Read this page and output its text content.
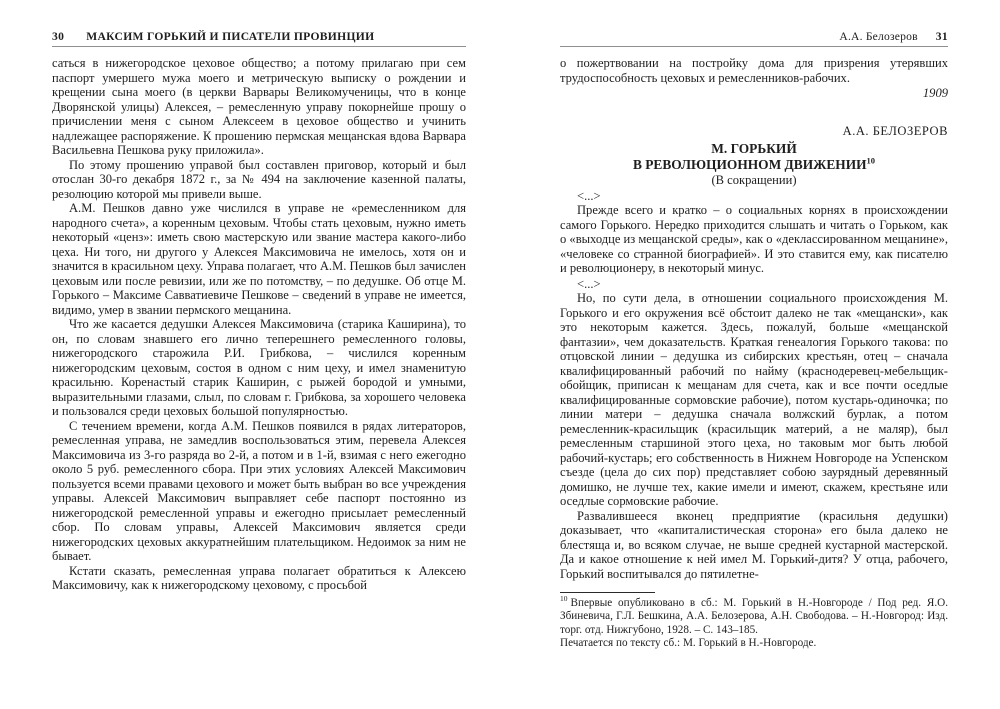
30 МАКСИМ ГОРЬКИЙ И ПИСАТЕЛИ ПРОВИНЦИИ

саться в нижегородское цеховое общество; а потому прилагаю при сем паспорт умершего мужа моего и метрическую выписку о рождении и крещении сына моего (в церкви Варвары Великомученицы, что в конце Дворянской улицы) Алексея, – ремесленную управу покорнейше прошу о причислении меня с сыном Алексеем в цеховое общество и учинить надлежащее распоряжение. К прошению пермская мещанская вдова Варвара Васильевна Пешкова руку приложила».

По этому прошению управой был составлен приговор, который и был отослан 30-го декабря 1872 г., за № 494 на заключение казенной палаты, резолюцию которой мы привели выше.

А.М. Пешков давно уже числился в управе не «ремесленником для народного счета», а коренным цеховым. Чтобы стать цеховым, нужно иметь некоторый «ценз»: иметь свою мастерскую или звание мастера какого-либо цеха. Ни того, ни другого у Алексея Максимовича не имелось, хотя он и значится в красильном цеху. Управа полагает, что А.М. Пешков был зачислен цеховым или после ревизии, или же по потомству, – по дедушке. Об отце М. Горького – Максиме Савватиевиче Пешкове – сведений в управе не имеется, видимо, умер в звании пермского мещанина.

Что же касается дедушки Алексея Максимовича (старика Каширина), то он, по словам знавшего его лично теперешнего ремесленного головы, нижегородского старожила Р.И. Грибкова, – числился коренным нижегородским цеховым, состоя в одном с ним цеху, и имел знаменитую красильню. Коренастый старик Каширин, с рыжей бородой и умными, выразительными глазами, слыл, по словам г. Грибкова, за хорошего человека и пользовался среди цеховых большой популярностью.

С течением времени, когда А.М. Пешков появился в рядах литераторов, ремесленная управа, не замедлив воспользоваться этим, перевела Алексея Максимовича из 3-го разряда во 2-й, а потом и в 1-й, взимая с него ежегодно около 5 руб. ремесленного сбора. При этих условиях Алексей Максимович пользуется всеми правами цехового и может быть выбран во все учреждения управы. Алексей Максимович выправляет себе паспорт постоянно из нижегородской ремесленной управы и ежегодно присылает ремесленный сбор. По словам управы, Алексей Максимович является среди нижегородских цеховых аккуратнейшим плательщиком. Недоимок за ним не бывает.

Кстати сказать, ремесленная управа полагает обратиться к Алексею Максимовичу, как к нижегородскому цеховому, с просьбой

А.А. Белозеров 31

о пожертвовании на постройку дома для призрения утерявших трудоспособность цеховых и ремесленников-рабочих.

1909

А.А. БЕЛОЗЕРОВ

М. ГОРЬКИЙ
В РЕВОЛЮЦИОННОМ ДВИЖЕНИИ$^{10}$

(В сокращении)

<...>

Прежде всего и кратко – о социальных корнях в происхождении самого Горького. Нередко приходится слышать и читать о Горьком, как о «выходце из мещанской среды», как о «деклассированном мещанине», «человеке со странной биографией». И это ставится ему, как писателю и революционеру, в некоторый минус.

<...>

Но, по сути дела, в отношении социального происхождения М. Горького и его окружения всё обстоит далеко не так «мещански», как это некоторым кажется. Здесь, пожалуй, больше «мещанской фантазии», чем доказательств. Краткая генеалогия Горького такова: по отцовской линии – дедушка из сибирских крестьян, отец – сначала квалифицированный рабочий по найму (краснодеревец-мебельщик-обойщик, приписан к мещанам для счета, как и все почти оседлые квалифицированные сормовские рабочие), потом кустарь-одиночка; по линии матери – дедушка сначала волжский бурлак, а потом ремесленник-красильщик (красильщик материй, а не маляр), был ремесленным старшиной этого цеха, но таковым мог быть любой рабочий-кустарь; его собственность в Нижнем Новгороде на Успенском съезде (цела до сих пор) представляет собою заурядный деревянный домишко, не лучше тех, какие имели и имеют, скажем, крестьяне или оседлые сормовские рабочие.

Развалившееся вконец предприятие (красильня дедушки) доказывает, что «капиталистическая сторона» его была далеко не блестяща и, во всяком случае, не выше средней кустарной мастерской. Да и какое отношение к ней имел М. Горький-дитя? У отца, рабочего, Горький воспитывался до пятилетне-

$^{10}$ Впервые опубликовано в сб.: М. Горький в Н.-Новгороде / Под ред. Я.О. Збиневича, Г.Л. Бешкина, А.А. Белозерова, А.Н. Свободова. – Н.-Новгород: Изд. торг. отд. Нижгубоно, 1928. – С. 143–185.

Печатается по тексту сб.: М. Горький в Н.-Новгороде.
